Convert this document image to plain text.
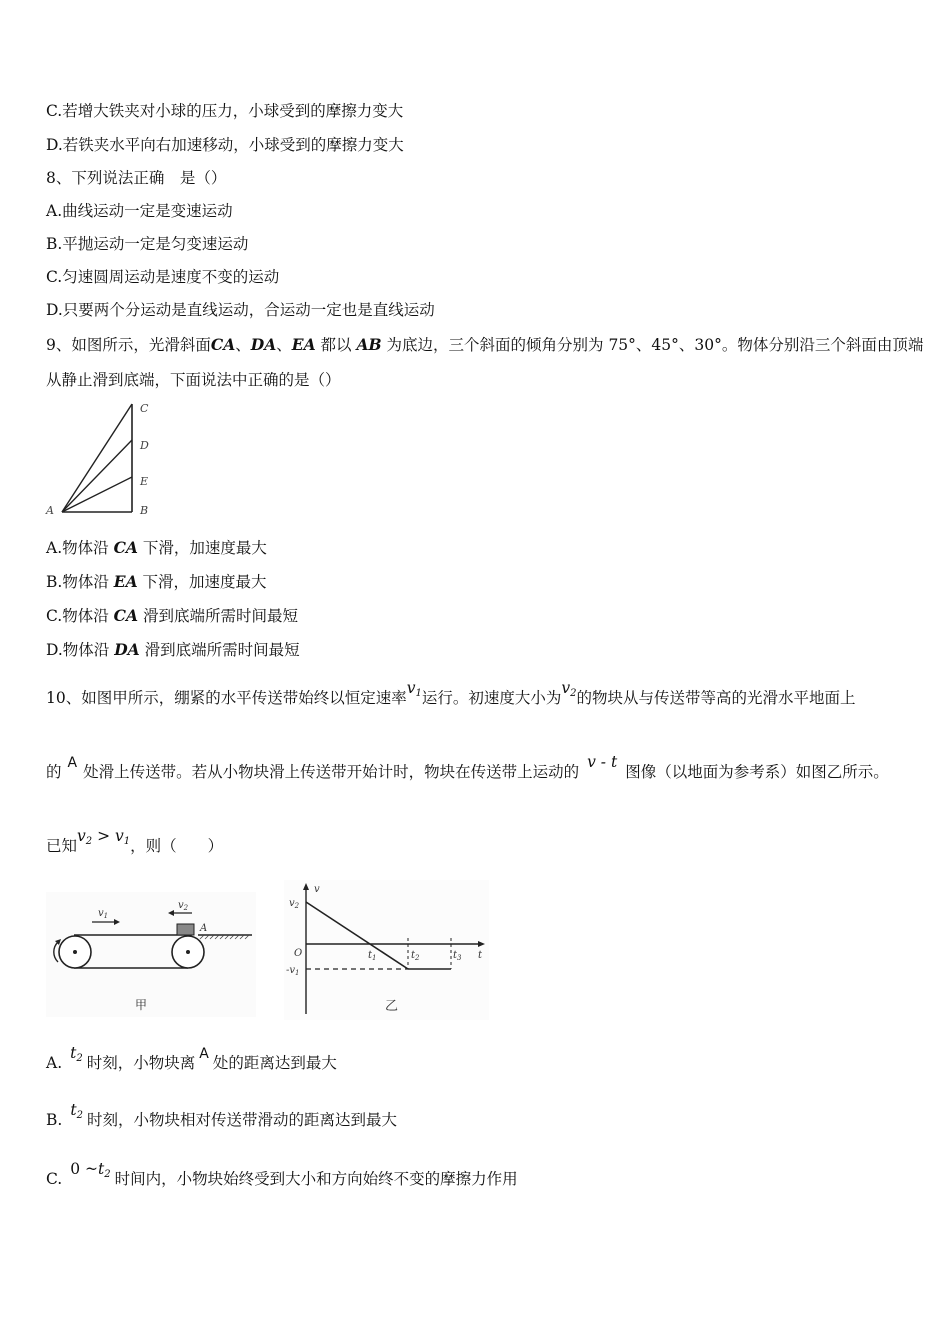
C.若增大铁夹对小球的压力，小球受到的摩擦力变大
D.若铁夹水平向右加速移动，小球受到的摩擦力变大
8、下列说法正确　是（）
A.曲线运动一定是变速运动
B.平抛运动一定是匀变速运动
C.匀速圆周运动是速度不变的运动
D.只要两个分运动是直线运动，合运动一定也是直线运动
9、如图所示，光滑斜面CA、DA、EA 都以 AB 为底边，三个斜面的倾角分别为 75°、45°、30°。物体分别沿三个斜面由顶端
从静止滑到底端，下面说法中正确的是（）
C
D
E
A	B
A.物体沿 CA 下滑，加速度最大
B.物体沿 EA 下滑，加速度最大
C.物体沿 CA 滑到底端所需时间最短
D.物体沿 DA 滑到底端所需时间最短
10、如图甲所示，绷紧的水平传送带始终以恒定速率$v_1$运行。初速度大小为$v_2$的物块从与传送带等高的光滑水平地面上
的 A 处滑上传送带。若从小物块滑上传送带开始计时，物块在传送带上运动的v - t图像（以地面为参考系）如图乙所示。
已知$v_2 > v_1$，则（　　）
$v_1$
$v_2$
A
甲
v
$v_2$
O
$-v_1$
$t_1$	$t_2$	$t_3$ t
乙
$A.t_2$ 时刻，小物块离 A 处的距离达到最大
$B.t_2$ 时刻，小物块相对传送带滑动的距离达到最大
C.0 $\sim t_2$ 时间内，小物块始终受到大小和方向始终不变的摩擦力作用
